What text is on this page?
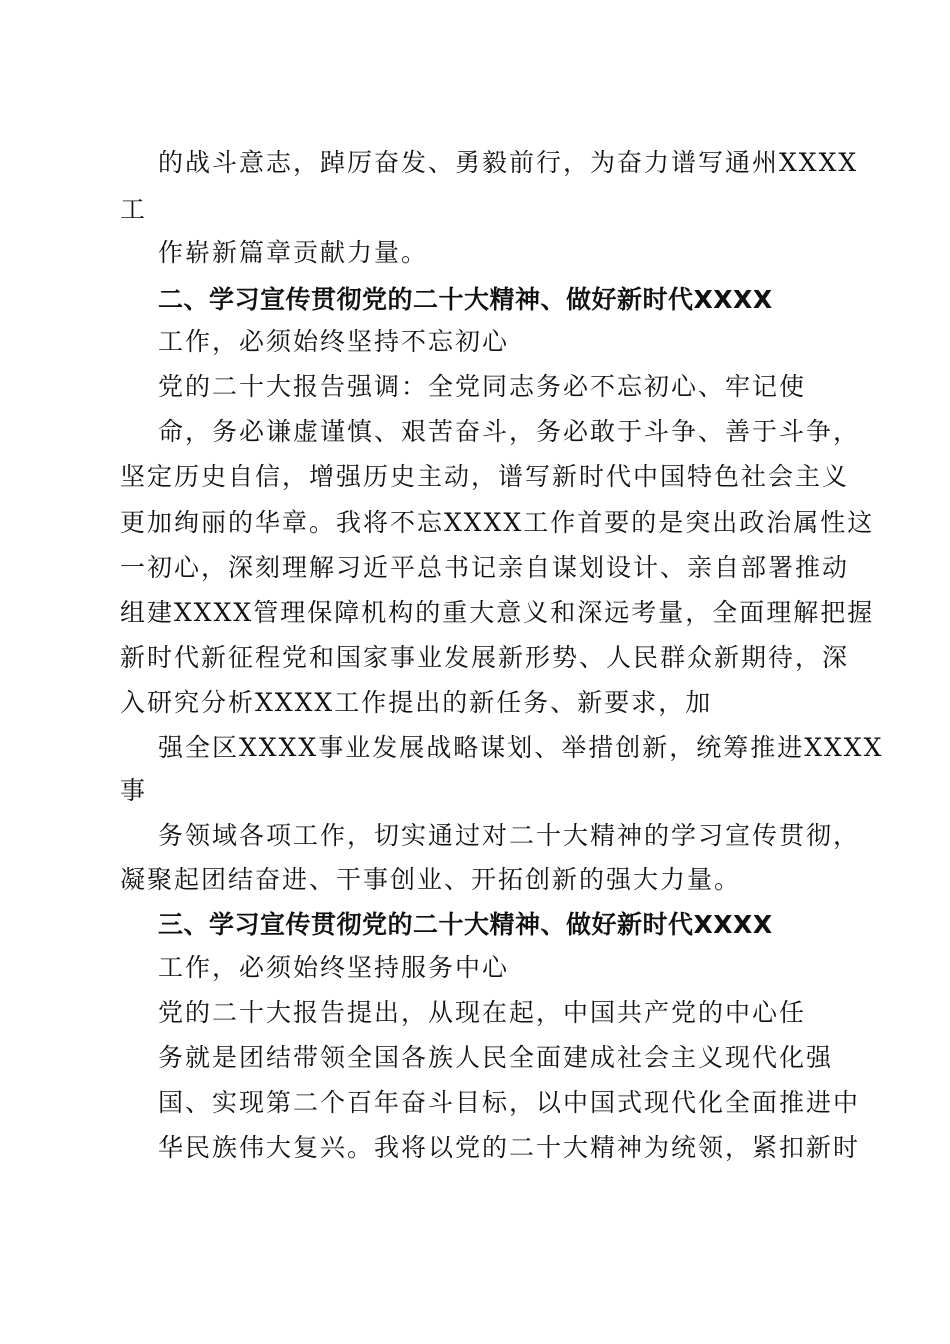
的战斗意志，踔厉奋发、勇毅前行，为奋力谱写通州XXXX
工
作崭新篇章贡献力量。
二、学习宣传贯彻党的二十大精神、做好新时代XXXX
工作，必须始终坚持不忘初心
党的二十大报告强调：全党同志务必不忘初心、牢记使
命，务必谦虚谨慎、艰苦奋斗，务必敢于斗争、善于斗争，
坚定历史自信，增强历史主动，谱写新时代中国特色社会主义
更加绚丽的华章。我将不忘XXXX工作首要的是突出政治属性这
一初心，深刻理解习近平总书记亲自谋划设计、亲自部署推动
组建XXXX管理保障机构的重大意义和深远考量，全面理解把握
新时代新征程党和国家事业发展新形势、人民群众新期待，深
入研究分析XXXX工作提出的新任务、新要求，加
强全区XXXX事业发展战略谋划、举措创新，统筹推进XXXX
事
务领域各项工作，切实通过对二十大精神的学习宣传贯彻，
凝聚起团结奋进、干事创业、开拓创新的强大力量。
三、学习宣传贯彻党的二十大精神、做好新时代XXXX
工作，必须始终坚持服务中心
党的二十大报告提出，从现在起，中国共产党的中心任
务就是团结带领全国各族人民全面建成社会主义现代化强
国、实现第二个百年奋斗目标，以中国式现代化全面推进中
华民族伟大复兴。我将以党的二十大精神为统领，紧扣新时
